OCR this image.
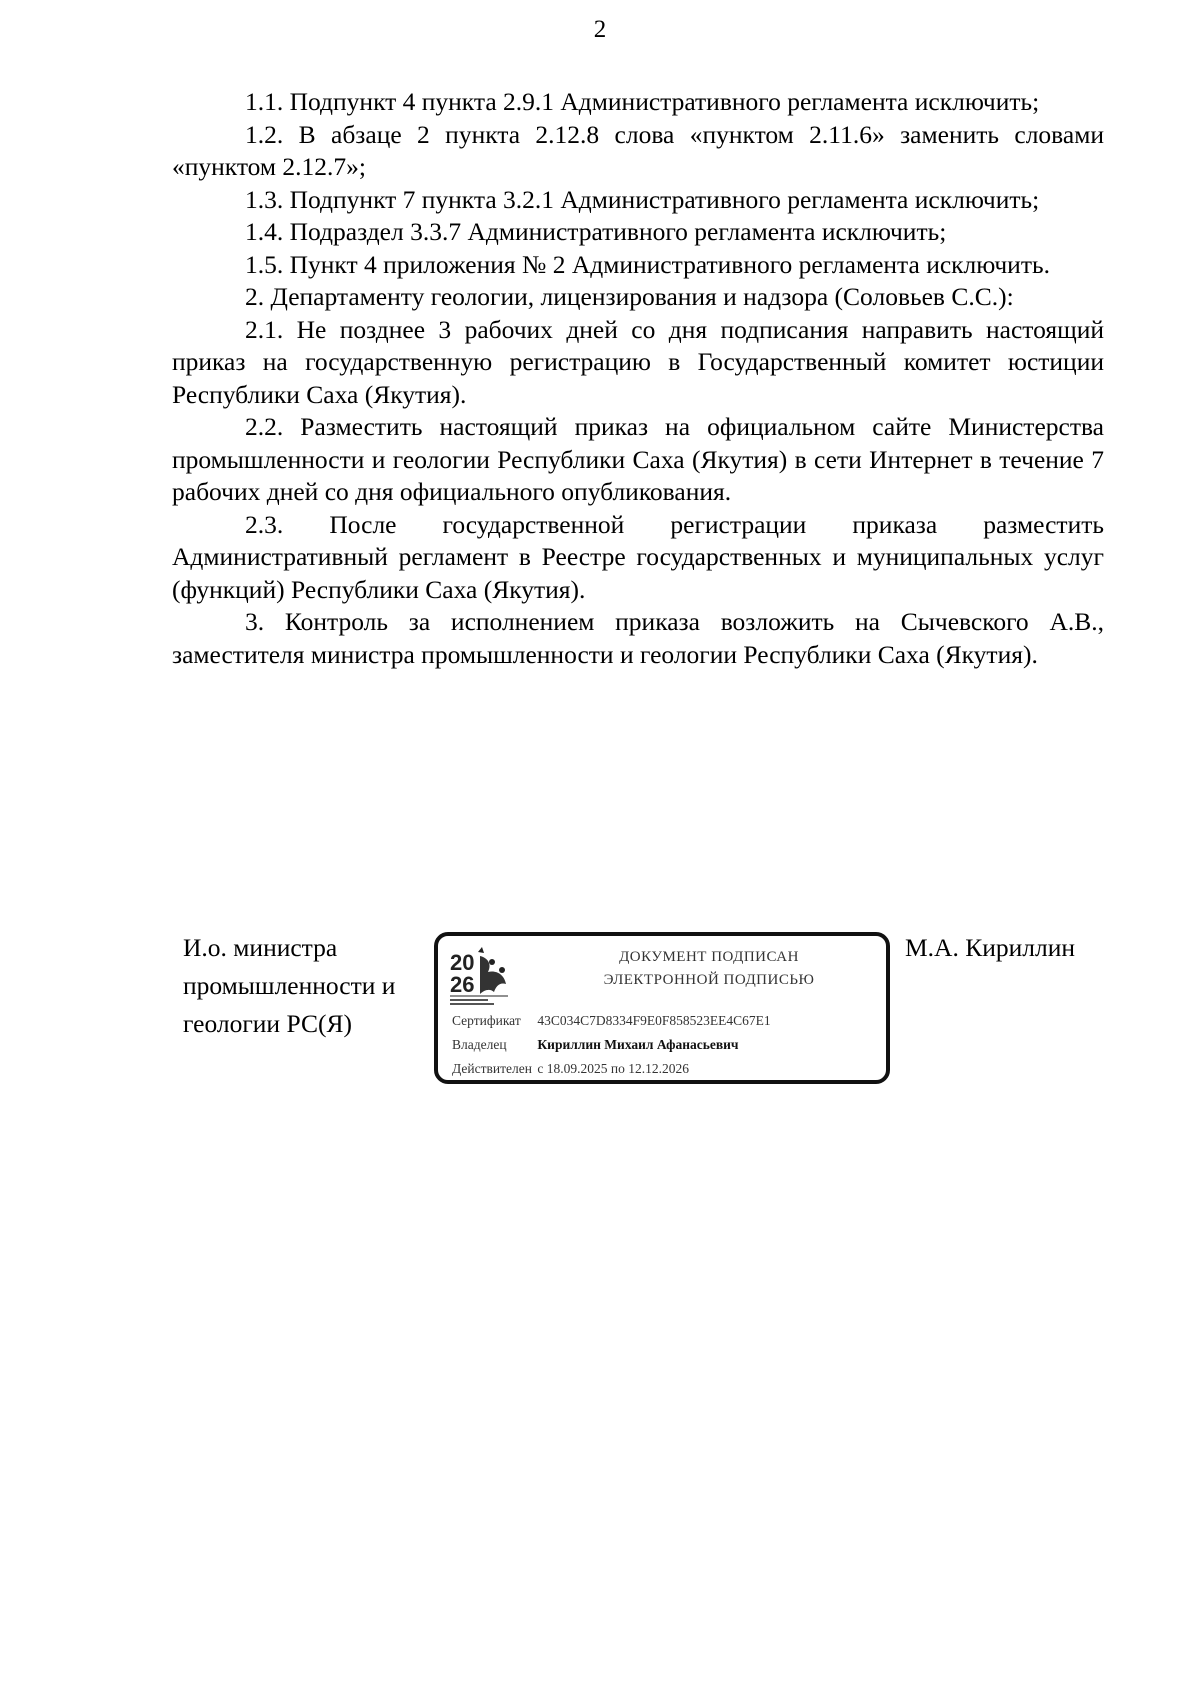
2

1.1. Подпункт 4 пункта 2.9.1 Административного регламента исключить;

1.2. В абзаце 2 пункта 2.12.8 слова «пунктом 2.11.6» заменить словами «пунктом 2.12.7»;

1.3. Подпункт 7 пункта 3.2.1 Административного регламента исключить;

1.4. Подраздел 3.3.7 Административного регламента исключить;

1.5. Пункт 4 приложения № 2 Административного регламента исключить.

2. Департаменту геологии, лицензирования и надзора (Соловьев С.С.):

2.1. Не позднее 3 рабочих дней со дня подписания направить настоящий приказ на государственную регистрацию в Государственный комитет юстиции Республики Саха (Якутия).

2.2. Разместить настоящий приказ на официальном сайте Министерства промышленности и геологии Республики Саха (Якутия) в сети Интернет в течение 7 рабочих дней со дня официального опубликования.

2.3. После государственной регистрации приказа разместить Административный регламент в Реестре государственных и муниципальных услуг (функций) Республики Саха (Якутия).

3. Контроль за исполнением приказа возложить на Сычевского А.В., заместителя министра промышленности и геологии Республики Саха (Якутия).

И.о. министра
промышленности и
геологии РС(Я)
20
26
ДОКУМЕНТ ПОДПИСАН
ЭЛЕКТРОННОЙ ПОДПИСЬЮ
Сертификат 43C034C7D8334F9E0F858523EE4C67E1
Владелец Кириллин Михаил Афанасьевич
Действителен с 18.09.2025 по 12.12.2026
М.А. Кириллин
